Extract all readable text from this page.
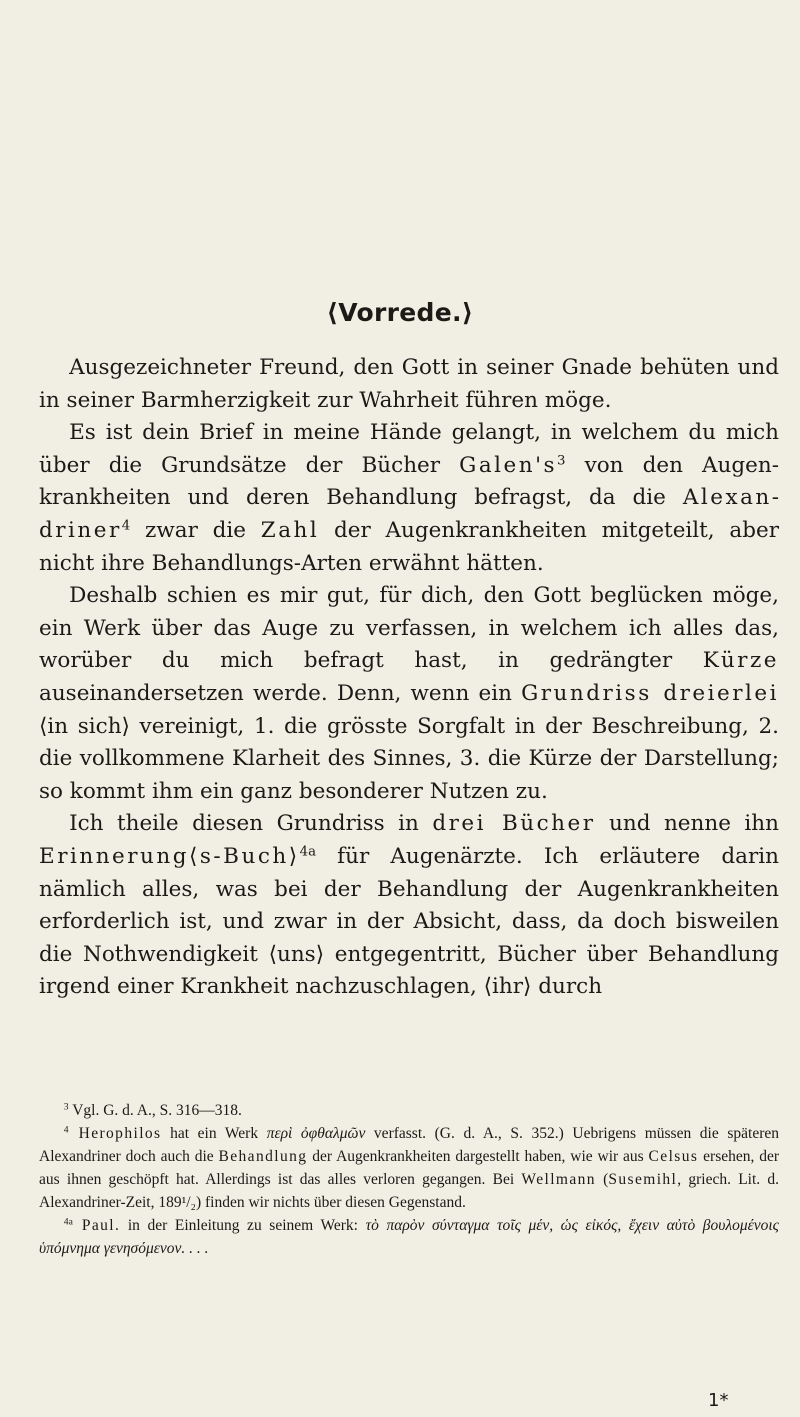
⟨Vorrede.⟩

Ausgezeichneter Freund, den Gott in seiner Gnade behüten und in seiner Barmherzigkeit zur Wahrheit führen möge.

Es ist dein Brief in meine Hände gelangt, in welchem du mich über die Grundsätze der Bücher $Galen's^3$ von den Augenkrankheiten und deren Behandlung befragst, da die Alexandriner$^4$ zwar die Zahl der Augenkrankheiten mitgeteilt, aber nicht ihre Behandlungs-Arten erwähnt hätten.

Deshalb schien es mir gut, für dich, den Gott beglücken möge, ein Werk über das Auge zu verfassen, in welchem ich alles das, worüber du mich befragt hast, in gedrängter Kürze auseinandersetzen werde. Denn, wenn ein Grundriss dreierlei ⟨in sich⟩ vereinigt, 1. die grösste Sorgfalt in der Beschreibung, 2. die vollkommene Klarheit des Sinnes, 3. die Kürze der Darstellung; so kommt ihm ein ganz besonderer Nutzen zu.

Ich theile diesen Grundriss in drei Bücher und nenne ihn Erinnerung⟨s-Buch⟩$^{4a}$ für Augenärzte. Ich erläutere darin nämlich alles, was bei der Behandlung der Augenkrankheiten erforderlich ist, und zwar in der Absicht, dass, da doch bisweilen die Nothwendigkeit ⟨uns⟩ entgegentritt, Bücher über Behandlung irgend einer Krankheit nachzuschlagen, ⟨ihr⟩ durch

$^3$ Vgl. G. d. A., S. 316—318.

$^4$ Herophilos hat ein Werk περὶ ὀφθαλμῶν verfasst. (G. d. A., S. 352.) Uebrigens müssen die späteren Alexandriner doch auch die Behandlung der Augenkrankheiten dargestellt haben, wie wir aus Celsus ersehen, der aus ihnen geschöpft hat. Allerdings ist das alles verloren gegangen. Bei Wellmann (Susemihl, griech. Lit. d. Alexandriner-Zeit, 189¹/₂) finden wir nichts über diesen Gegenstand.

$^{4a}$ Paul. in der Einleitung zu seinem Werk: τὸ παρὸν σύνταγμα τοῖς μέν, ὡς εἰκός, ἔχειν αὐτὸ βουλομένοις ὑπόμνημα γενησόμενον. . . .

1*
